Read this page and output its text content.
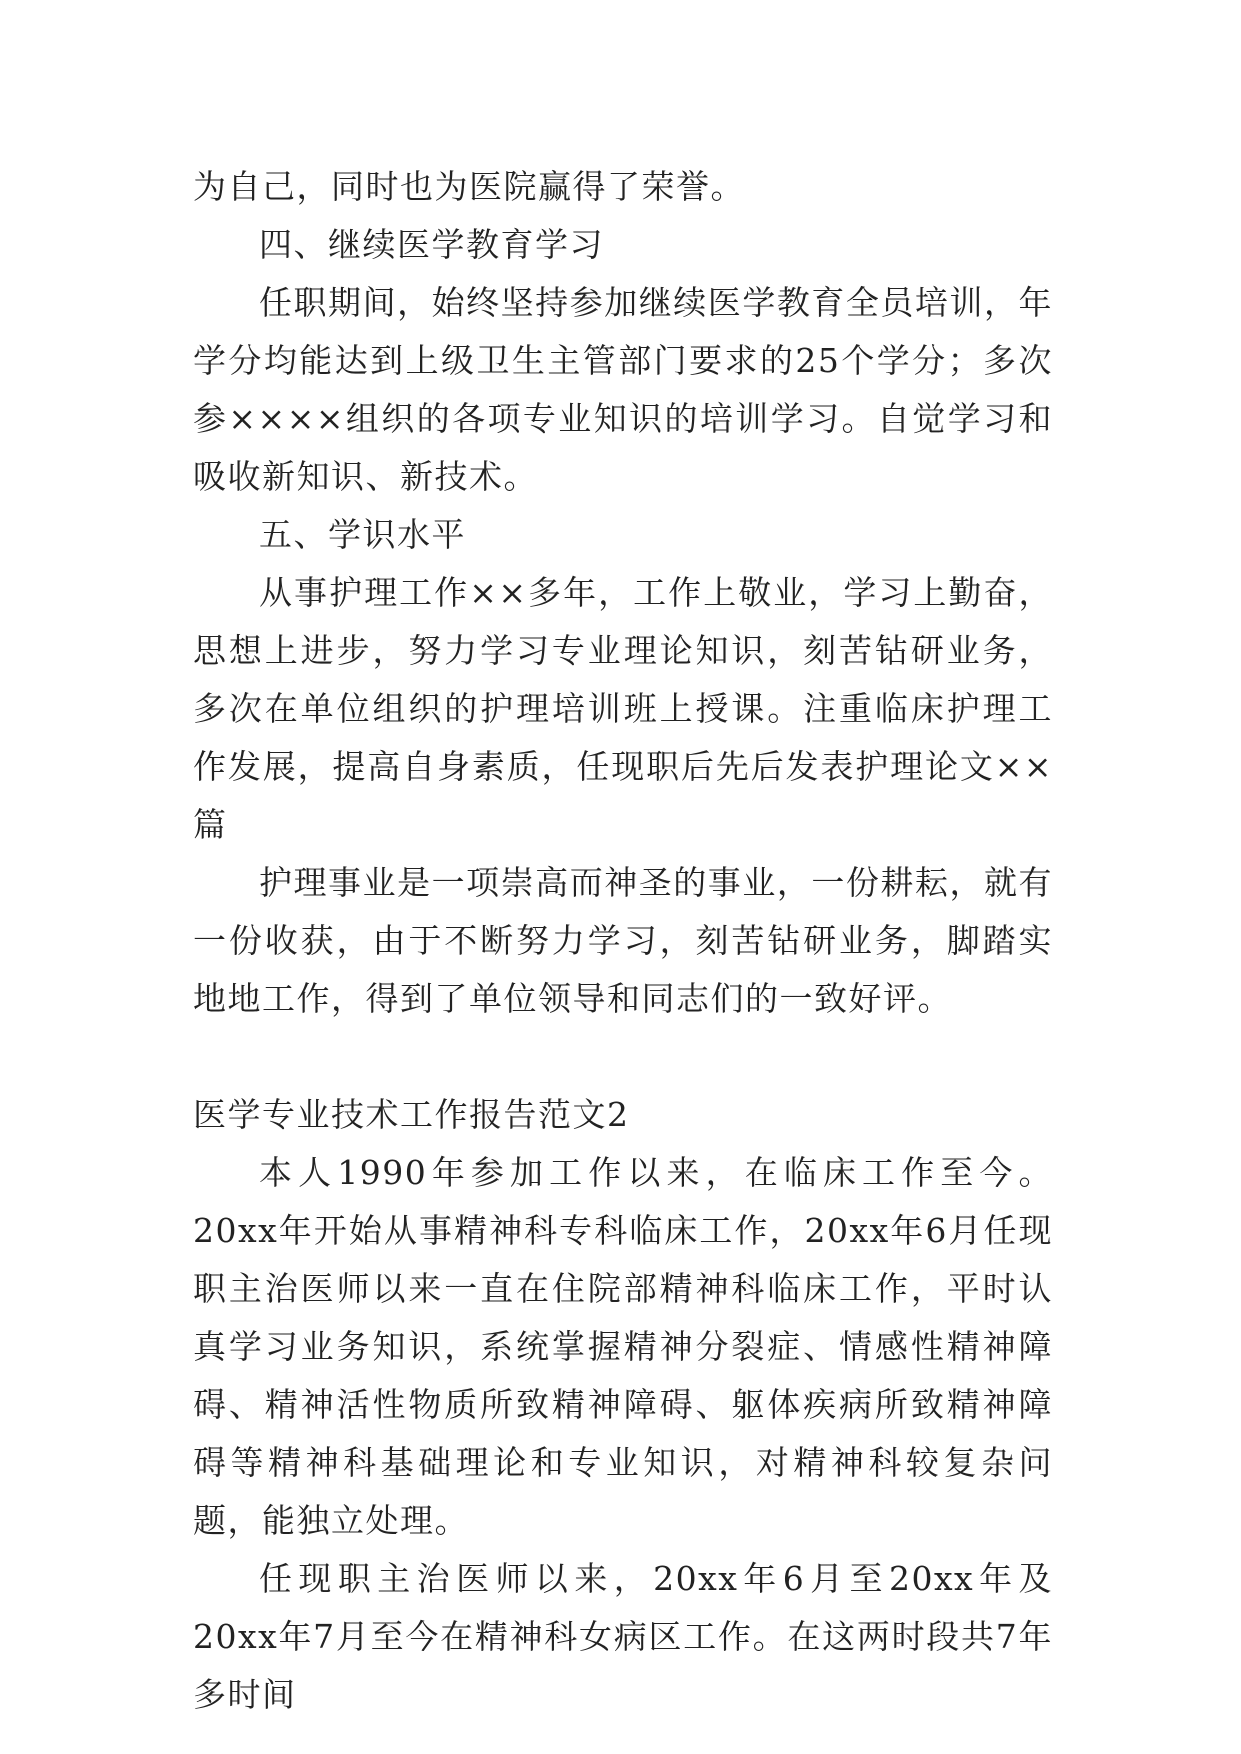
为自己，同时也为医院赢得了荣誉。

四、继续医学教育学习

任职期间，始终坚持参加继续医学教育全员培训，年学分均能达到上级卫生主管部门要求的25个学分；多次参××××组织的各项专业知识的培训学习。自觉学习和吸收新知识、新技术。

五、学识水平

从事护理工作××多年，工作上敬业，学习上勤奋，思想上进步，努力学习专业理论知识，刻苦钻研业务，多次在单位组织的护理培训班上授课。注重临床护理工作发展，提高自身素质，任现职后先后发表护理论文××篇

护理事业是一项崇高而神圣的事业，一份耕耘，就有一份收获，由于不断努力学习，刻苦钻研业务，脚踏实地地工作，得到了单位领导和同志们的一致好评。

医学专业技术工作报告范文2

本人1990年参加工作以来，在临床工作至今。20xx年开始从事精神科专科临床工作，20xx年6月任现职主治医师以来一直在住院部精神科临床工作，平时认真学习业务知识，系统掌握精神分裂症、情感性精神障碍、精神活性物质所致精神障碍、躯体疾病所致精神障碍等精神科基础理论和专业知识，对精神科较复杂问题，能独立处理。

任现职主治医师以来，20xx年6月至20xx年及20xx年7月至今在精神科女病区工作。在这两时段共7年多时间
